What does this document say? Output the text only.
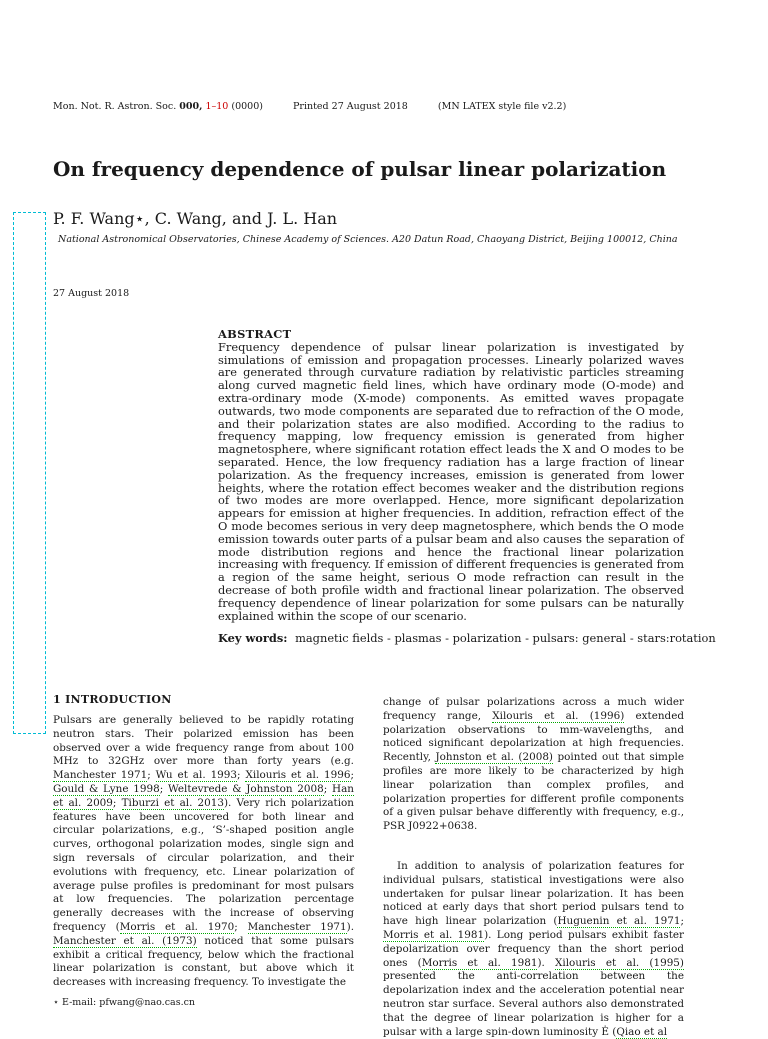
Mon. Not. R. Astron. Soc. 000, 1–10 (0000)	Printed 27 August 2018	(MN LATEX style file v2.2)
On frequency dependence of pulsar linear polarization
P. F. Wang⋆, C. Wang, and J. L. Han
National Astronomical Observatories, Chinese Academy of Sciences. A20 Datun Road, Chaoyang District, Beijing 100012, China
27 August 2018
ABSTRACT
Frequency dependence of pulsar linear polarization is investigated by simulations of emission and propagation processes. Linearly polarized waves are generated through curvature radiation by relativistic particles streaming along curved magnetic field lines, which have ordinary mode (O-mode) and extra-ordinary mode (X-mode) components. As emitted waves propagate outwards, two mode components are separated due to refraction of the O mode, and their polarization states are also modified. According to the radius to frequency mapping, low frequency emission is generated from higher magnetosphere, where significant rotation effect leads the X and O modes to be separated. Hence, the low frequency radiation has a large fraction of linear polarization. As the frequency increases, emission is generated from lower heights, where the rotation effect becomes weaker and the distribution regions of two modes are more overlapped. Hence, more significant depolarization appears for emission at higher frequencies. In addition, refraction effect of the O mode becomes serious in very deep magnetosphere, which bends the O mode emission towards outer parts of a pulsar beam and also causes the separation of mode distribution regions and hence the fractional linear polarization increasing with frequency. If emission of different frequencies is generated from a region of the same height, serious O mode refraction can result in the decrease of both profile width and fractional linear polarization. The observed frequency dependence of linear polarization for some pulsars can be naturally explained within the scope of our scenario.
Key words: magnetic fields - plasmas - polarization - pulsars: general - stars:rotation
1 INTRODUCTION
Pulsars are generally believed to be rapidly rotating neutron stars. Their polarized emission has been observed over a wide frequency range from about 100 MHz to 32GHz over more than forty years (e.g. Manchester 1971; Wu et al. 1993; Xilouris et al. 1996; Gould & Lyne 1998; Weltevrede & Johnston 2008; Han et al. 2009; Tiburzi et al. 2013). Very rich polarization features have been uncovered for both linear and circular polarizations, e.g., ‘S’-shaped position angle curves, orthogonal polarization modes, single sign and sign reversals of circular polarization, and their evolutions with frequency, etc. Linear polarization of average pulse profiles is predominant for most pulsars at low frequencies. The polarization percentage generally decreases with the increase of observing frequency (Morris et al. 1970; Manchester 1971). Manchester et al. (1973) noticed that some pulsars exhibit a critical frequency, below which the fractional linear polarization is constant, but above which it decreases with increasing frequency. To investigate the
change of pulsar polarizations across a much wider frequency range, Xilouris et al. (1996) extended polarization observations to mm-wavelengths, and noticed significant depolarization at high frequencies. Recently, Johnston et al. (2008) pointed out that simple profiles are more likely to be characterized by high linear polarization than complex profiles, and polarization properties for different profile components of a given pulsar behave differently with frequency, e.g., PSR J0922+0638.
In addition to analysis of polarization features for individual pulsars, statistical investigations were also undertaken for pulsar linear polarization. It has been noticed at early days that short period pulsars tend to have high linear polarization (Huguenin et al. 1971; Morris et al. 1981). Long period pulsars exhibit faster depolarization over frequency than the short period ones (Morris et al. 1981). Xilouris et al. (1995) presented the anti-correlation between the depolarization index and the acceleration potential near neutron star surface. Several authors also demonstrated that the degree of linear polarization is higher for a pulsar with a large spin-down luminosity Ė (Qiao et al
⋆ E-mail: pfwang@nao.cas.cn
